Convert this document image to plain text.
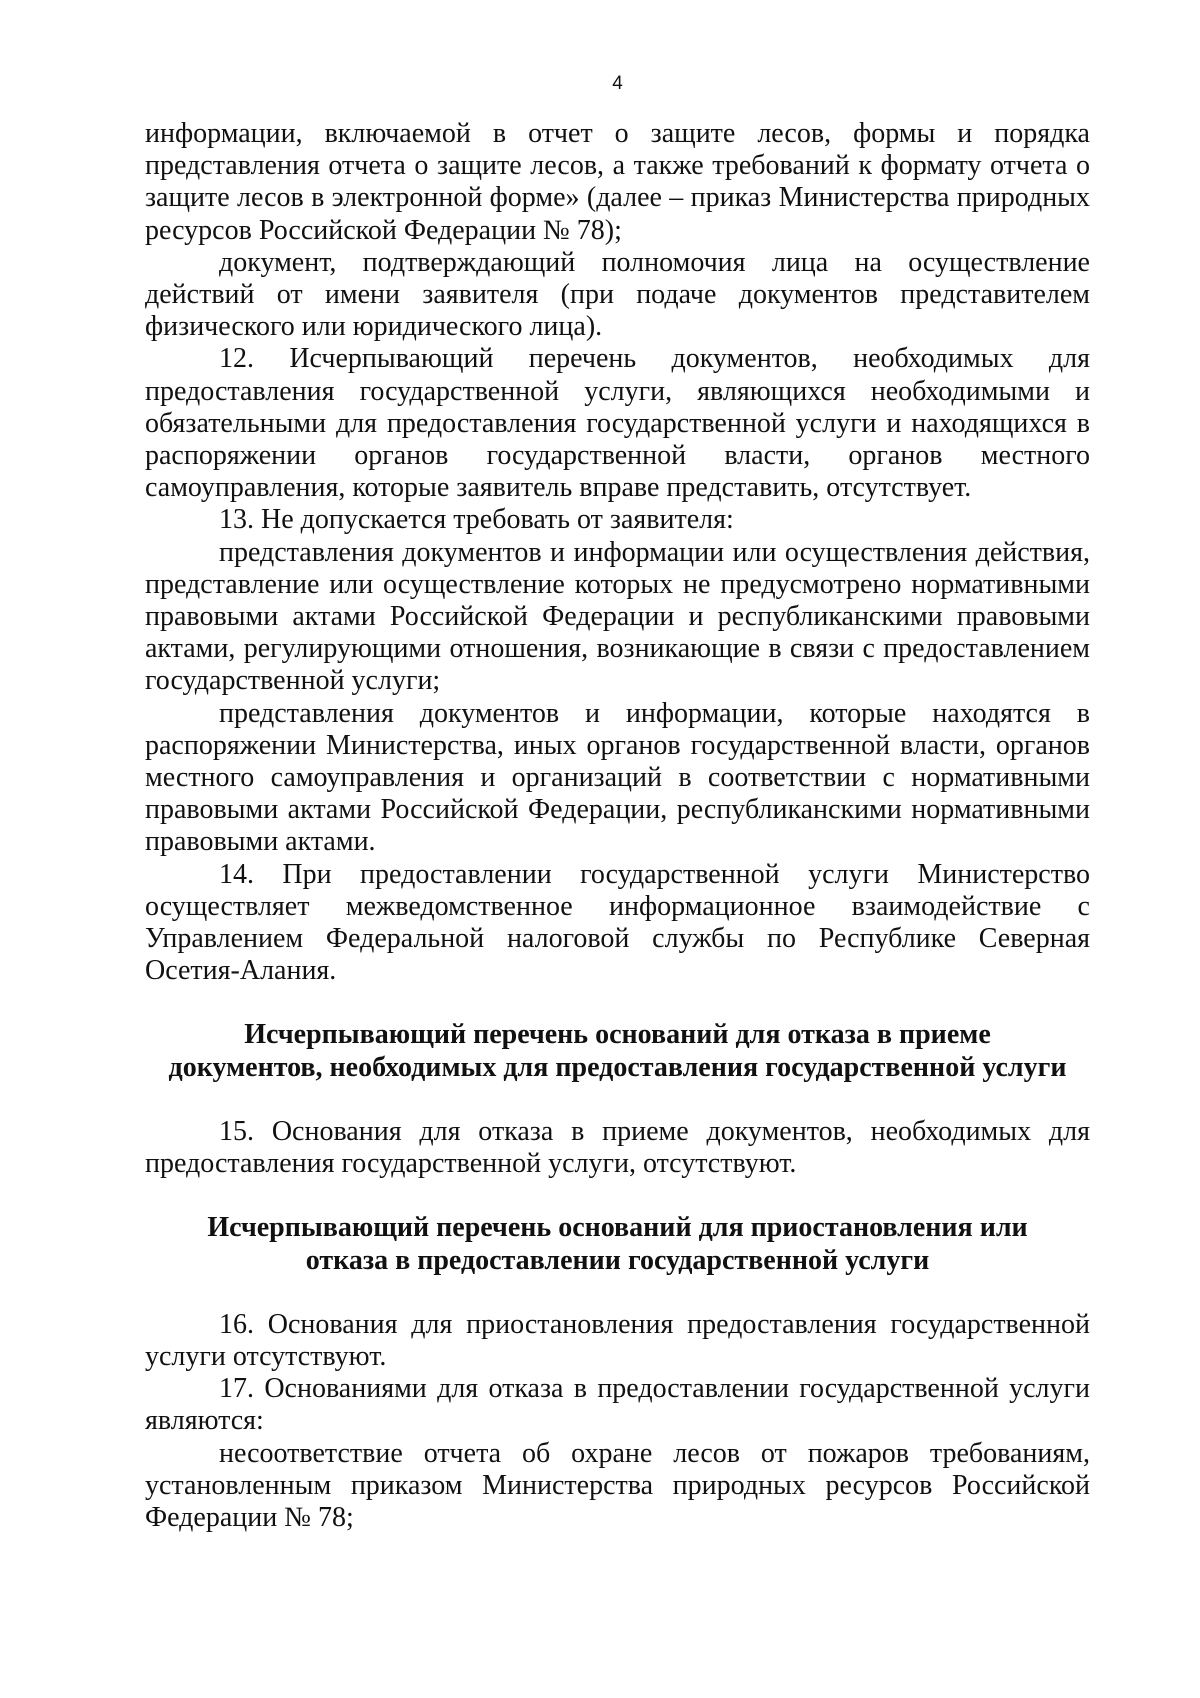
4

информации, включаемой в отчет о защите лесов, формы и порядка представления отчета о защите лесов, а также требований к формату отчета о защите лесов в электронной форме» (далее – приказ Министерства природных ресурсов Российской Федерации № 78);

документ, подтверждающий полномочия лица на осуществление действий от имени заявителя (при подаче документов представителем физического или юридического лица).

12. Исчерпывающий перечень документов, необходимых для предоставления государственной услуги, являющихся необходимыми и обязательными для предоставления государственной услуги и находящихся в распоряжении органов государственной власти, органов местного самоуправления, которые заявитель вправе представить, отсутствует.

13. Не допускается требовать от заявителя:

представления документов и информации или осуществления действия, представление или осуществление которых не предусмотрено нормативными правовыми актами Российской Федерации и республиканскими правовыми актами, регулирующими отношения, возникающие в связи с предоставлением государственной услуги;

представления документов и информации, которые находятся в распоряжении Министерства, иных органов государственной власти, органов местного самоуправления и организаций в соответствии с нормативными правовыми актами Российской Федерации, республиканскими нормативными правовыми актами.

14. При предоставлении государственной услуги Министерство осуществляет межведомственное информационное взаимодействие с Управлением Федеральной налоговой службы по Республике Северная Осетия-Алания.

Исчерпывающий перечень оснований для отказа в приеме
документов, необходимых для предоставления государственной услуги

15. Основания для отказа в приеме документов, необходимых для предоставления государственной услуги, отсутствуют.

Исчерпывающий перечень оснований для приостановления или
отказа в предоставлении государственной услуги

16. Основания для приостановления предоставления государственной услуги отсутствуют.

17. Основаниями для отказа в предоставлении государственной услуги являются:

несоответствие отчета об охране лесов от пожаров требованиям, установленным приказом Министерства природных ресурсов Российской Федерации № 78;
